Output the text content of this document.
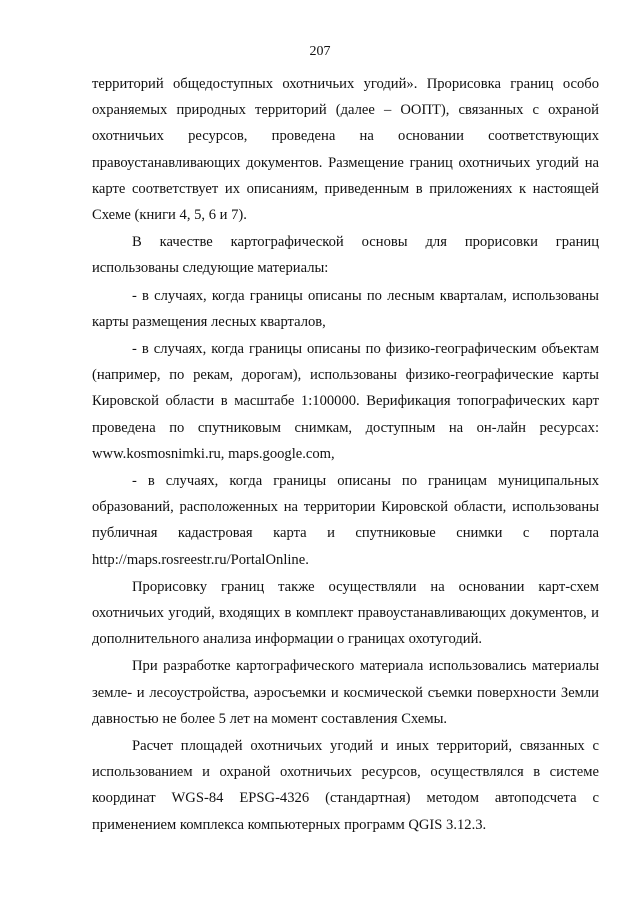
207

территорий общедоступных охотничьих угодий». Прорисовка границ особо охраняемых природных территорий (далее – ООПТ), связанных с охраной охотничьих ресурсов, проведена на основании соответствующих правоустанавливающих документов. Размещение границ охотничьих угодий на карте соответствует их описаниям, приведенным в приложениях к настоящей Схеме (книги 4, 5, 6 и 7).

В качестве картографической основы для прорисовки границ использованы следующие материалы:

- в случаях, когда границы описаны по лесным кварталам, использованы карты размещения лесных кварталов,

- в случаях, когда границы описаны по физико-географическим объектам (например, по рекам, дорогам), использованы физико-географические карты Кировской области в масштабе 1:100000. Верификация топографических карт проведена по спутниковым снимкам, доступным на он-лайн ресурсах: www.kosmosnimki.ru, maps.google.com,

- в случаях, когда границы описаны по границам муниципальных образований, расположенных на территории Кировской области, использованы публичная кадастровая карта и спутниковые снимки с портала http://maps.rosreestr.ru/PortalOnline.

Прорисовку границ также осуществляли на основании карт-схем охотничьих угодий, входящих в комплект правоустанавливающих документов, и дополнительного анализа информации о границах охотугодий.

При разработке картографического материала использовались материалы земле- и лесоустройства, аэросъемки и космической съемки поверхности Земли давностью не более 5 лет на момент составления Схемы.

Расчет площадей охотничьих угодий и иных территорий, связанных с использованием и охраной охотничьих ресурсов, осуществлялся в системе координат WGS-84 EPSG-4326 (стандартная) методом автоподсчета с применением комплекса компьютерных программ QGIS 3.12.3.
